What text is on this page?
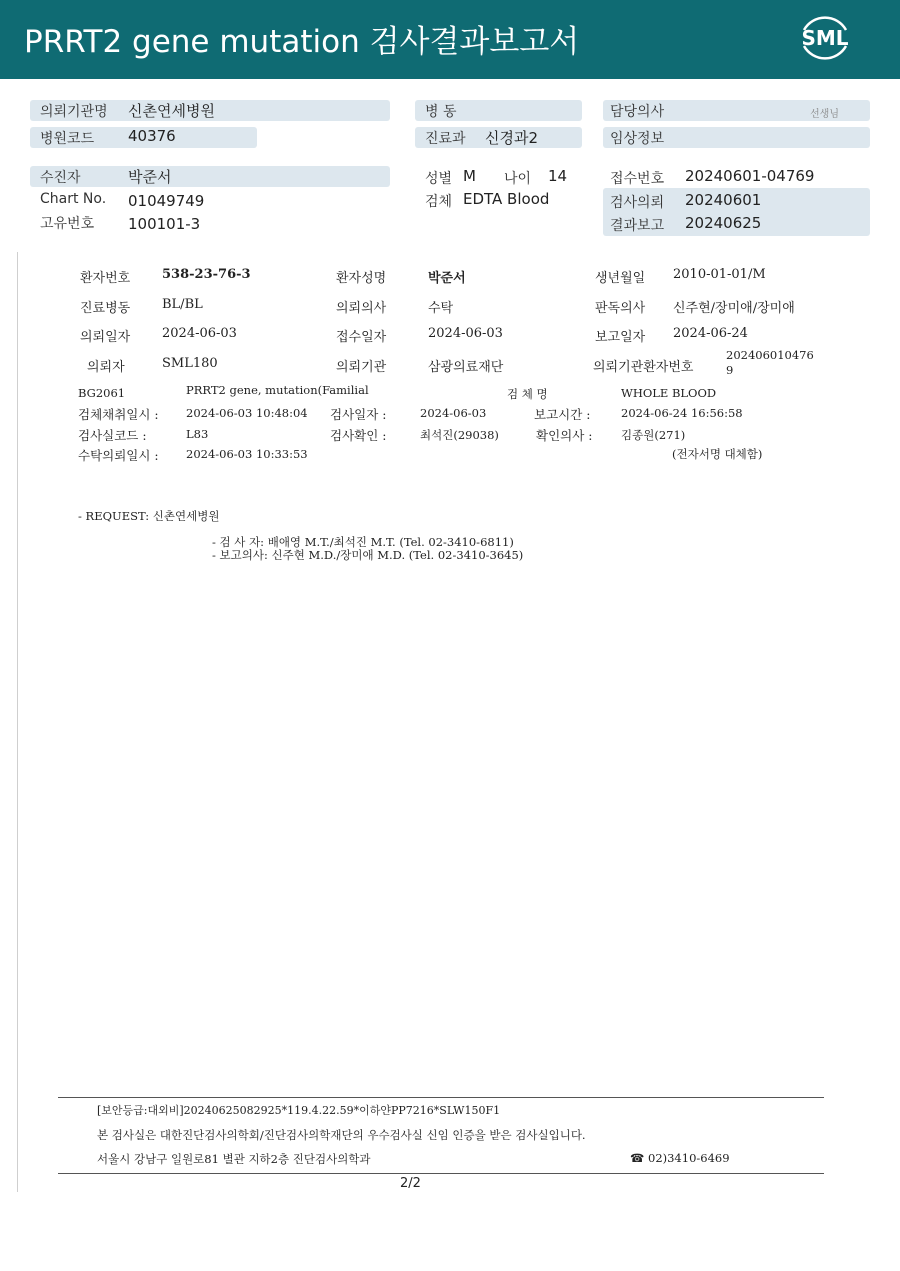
PRRT2 gene mutation 검사결과보고서	SML
의뢰기관명 신촌연세병원
병원코드 40376
병 동
진료과 신경과2
담당의사	선생님
임상정보
수진자	박준서
Chart No. 01049749
고유번호 100101-3
성별 M 나이 14
검체 EDTA Blood
접수번호 20240601-04769
검사의뢰 20240601
결과보고 20240625
환자번호 538-23-76-3	환자성명	박준서	생년월일 2010-01-01/M
진료병동 BL/BL	의뢰의사	수탁	판독의사 신주현/장미애/장미애
의뢰일자 2024-06-03	접수일자	2024-06-03	보고일자 2024-06-24
의뢰자	SML180	의뢰기관	삼광의료재단	의뢰기관환자번호
202406010476
9
BG2061	PRRT2 gene, mutation(Familial	검 체 명	WHOLE BLOOD
검체채취일시 : 2024-06-03 10:48:04 검사일자 :	2024-06-03	보고시간 :	2024-06-24 16:56:58
검사실코드 :	L83	검사확인 :	최석진(29038)	확인의사 : 김종원(271)
수탁의뢰일시 : 2024-06-03 10:33:53	(전자서명 대체함)
- REQUEST: 신촌연세병원
- 검 사 자: 배애영 M.T./최석진 M.T. (Tel. 02-3410-6811)
- 보고의사: 신주현 M.D./장미애 M.D. (Tel. 02-3410-3645)
[보안등급:대외비]20240625082925*119.4.22.59*이하얀PP7216*SLW150F1
본 검사실은 대한진단검사의학회/진단검사의학재단의 우수검사실 신임 인증을 받은 검사실입니다.
서울시 강남구 일원로81 별관 지하2층 진단검사의학과	☎ 02)3410-6469
2/2
